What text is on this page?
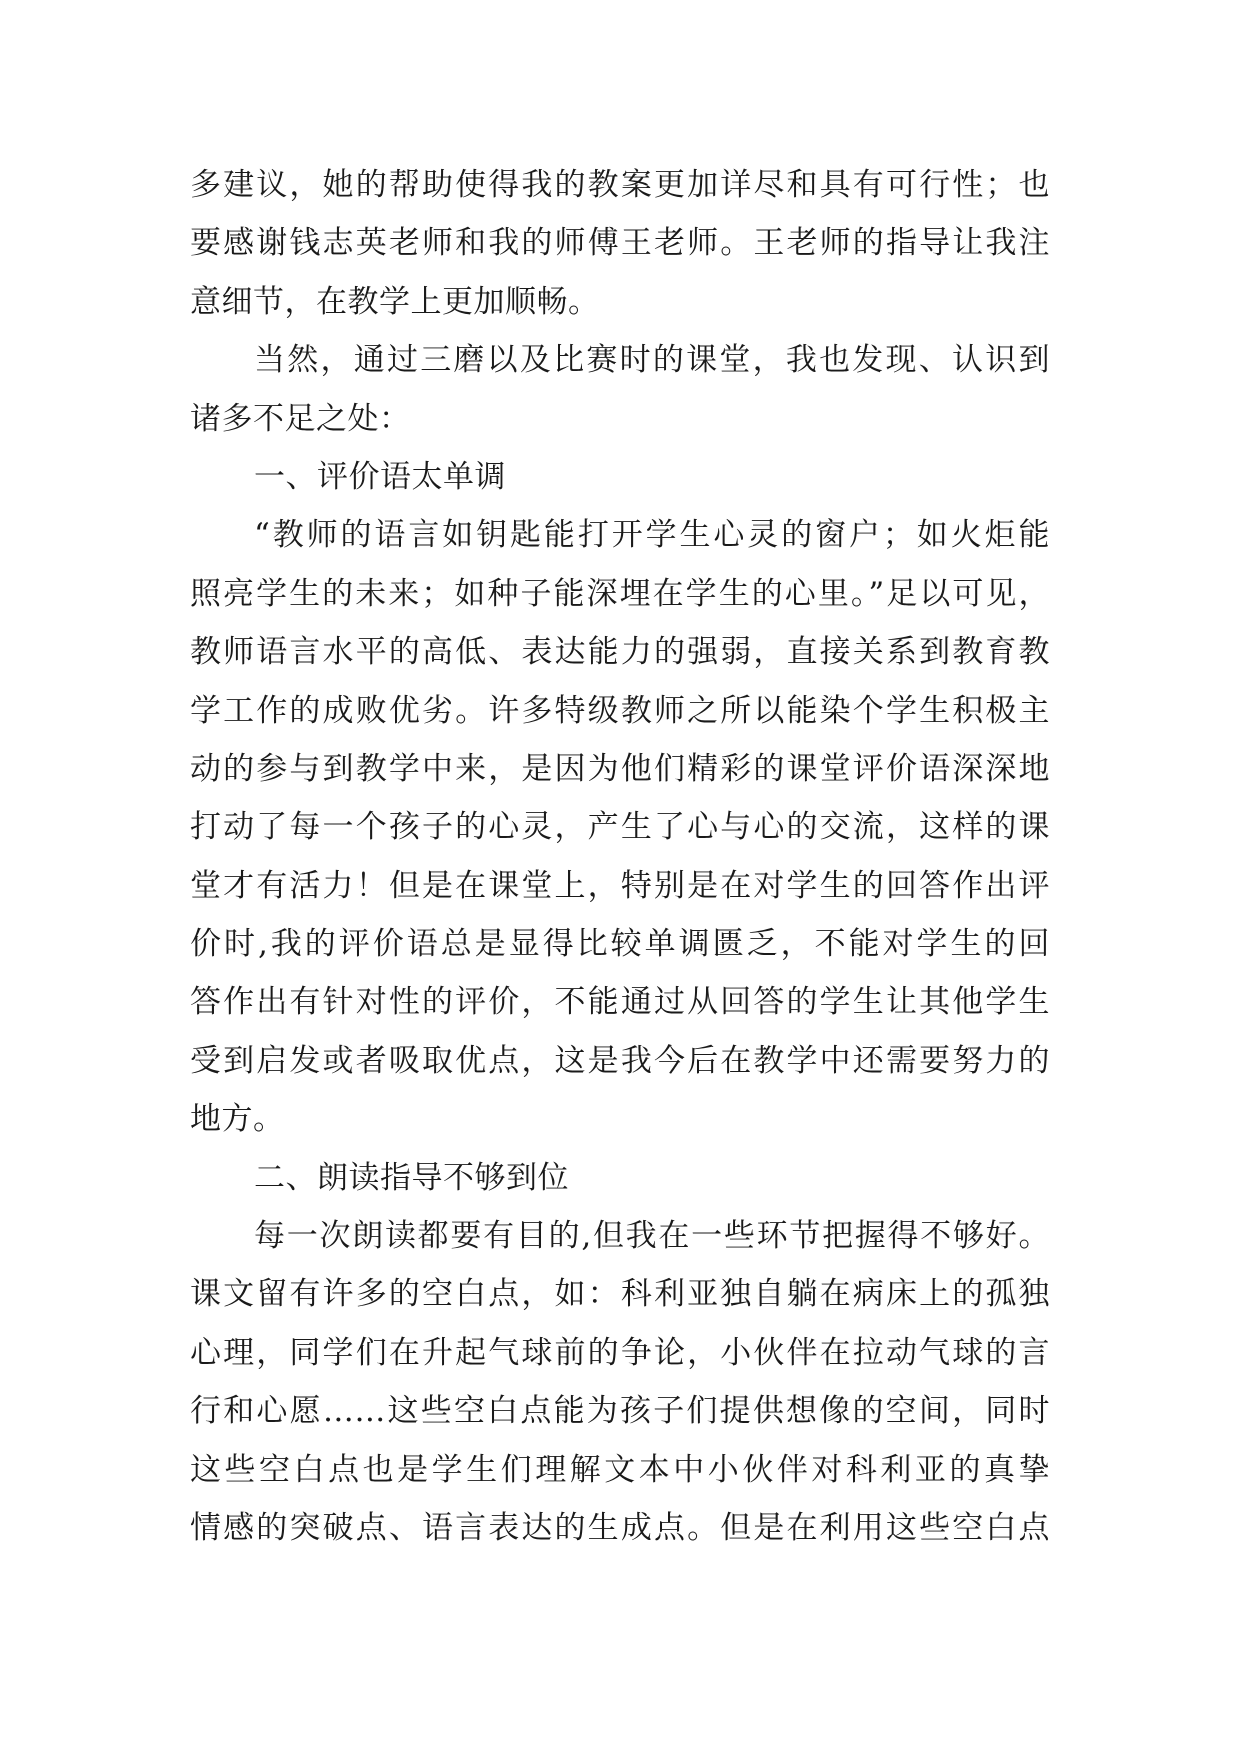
多建议，她的帮助使得我的教案更加详尽和具有可行性；也
要感谢钱志英老师和我的师傅王老师。王老师的指导让我注
意细节，在教学上更加顺畅。
当然，通过三磨以及比赛时的课堂，我也发现、认识到
诸多不足之处：
一、评价语太单调
“教师的语言如钥匙能打开学生心灵的窗户；如火炬能
照亮学生的未来；如种子能深埋在学生的心里。”足以可见，
教师语言水平的高低、表达能力的强弱，直接关系到教育教
学工作的成败优劣。许多特级教师之所以能染个学生积极主
动的参与到教学中来，是因为他们精彩的课堂评价语深深地
打动了每一个孩子的心灵，产生了心与心的交流，这样的课
堂才有活力！但是在课堂上，特别是在对学生的回答作出评
价时,我的评价语总是显得比较单调匮乏，不能对学生的回
答作出有针对性的评价，不能通过从回答的学生让其他学生
受到启发或者吸取优点，这是我今后在教学中还需要努力的
地方。
二、朗读指导不够到位
每一次朗读都要有目的,但我在一些环节把握得不够好。
课文留有许多的空白点，如：科利亚独自躺在病床上的孤独
心理，同学们在升起气球前的争论，小伙伴在拉动气球的言
行和心愿……这些空白点能为孩子们提供想像的空间，同时
这些空白点也是学生们理解文本中小伙伴对科利亚的真挚
情感的突破点、语言表达的生成点。但是在利用这些空白点
